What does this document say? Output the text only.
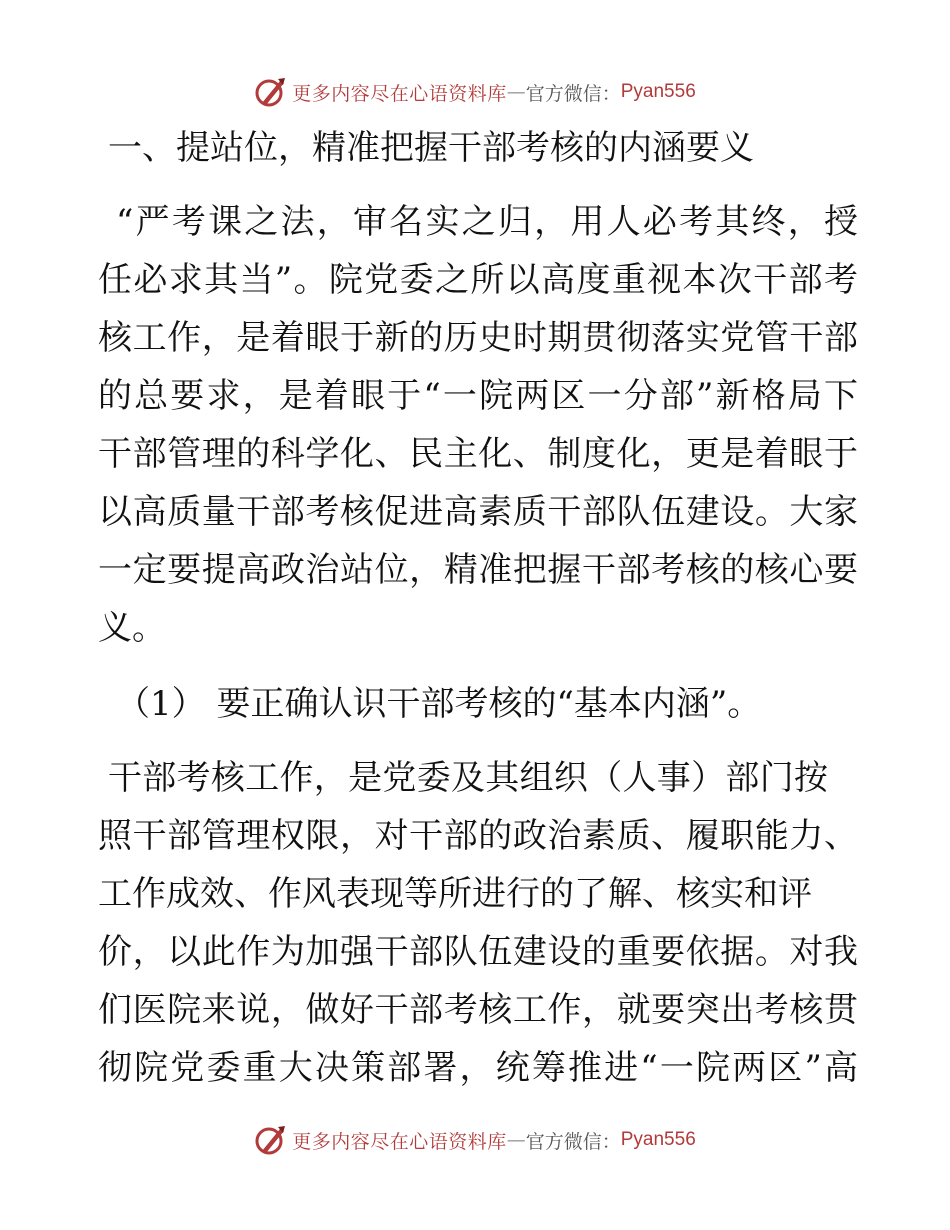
更多内容尽在心语资料库 — 官方微信： Pyan556
一、提站位，精准把握干部考核的内涵要义
“严考课之法，审名实之归，用人必考其终，授
任必求其当”。院党委之所以高度重视本次干部考
核工作，是着眼于新的历史时期贯彻落实党管干部
的总要求，是着眼于“一院两区一分部”新格局下
干部管理的科学化、民主化、制度化，更是着眼于
以高质量干部考核促进高素质干部队伍建设。大家
一定要提高政治站位，精准把握干部考核的核心要
义。
（1） 要正确认识干部考核的“基本内涵”。
干部考核工作，是党委及其组织（人事）部门按
照干部管理权限，对干部的政治素质、履职能力、
工作成效、作风表现等所进行的了解、核实和评
价，以此作为加强干部队伍建设的重要依据。对我
们医院来说，做好干部考核工作，就要突出考核贯
彻院党委重大决策部署，统筹推进“一院两区”高
更多内容尽在心语资料库 — 官方微信： Pyan556
